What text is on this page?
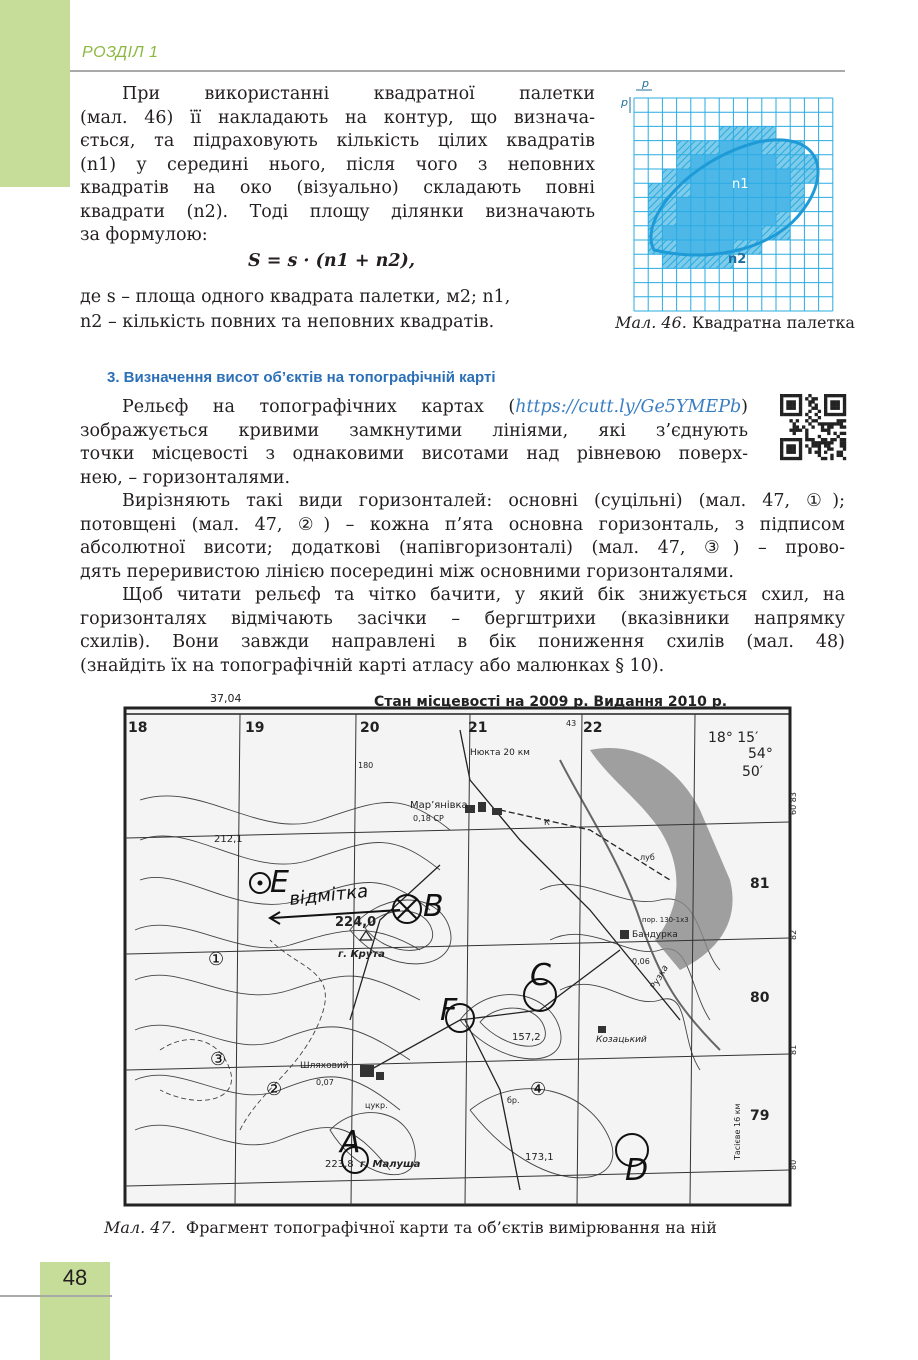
РОЗДІЛ 1
При використанні квадратної палетки
(мал. 46) її накладають на контур, що визнача-
ється, та підраховують кількість цілих квадратів
(n1) у середині нього, після чого з неповних
квадратів на око (візуально) складають повні
квадрати (n2). Тоді площу ділянки визначають
за формулою:
S = s · (n1 + n2),
де s – площа одного квадрата палетки, м2; n1,
n2 – кількість повних та неповних квадратів.
n1
n2
p
p
Мал. 46. Квадратна палетка
3. Визначення висот об’єктів на топографічній карті
Рельєф на топографічних картах (https://cutt.ly/Ge5YMEPb)
зображується кривими замкнутими лініями, які з’єднують
точки місцевості з однаковими висотами над рівневою поверх-
нею, – горизонталями.
Вирізняють такі види горизонталей: основні (суцільні) (мал. 47, ①);
потовщені (мал. 47, ②) – кожна п’ята основна горизонталь, з підписом
абсолютної висоти; додаткові (напівгоризонталі) (мал. 47, ③) – прово-
дять переривистою лінією посередині між основними горизонталями.
Щоб читати рельєф та чітко бачити, у який бік знижується схил, на
горизонталях відмічають засічки – бергштрихи (вказівники напрямку
схилів). Вони завжди направлені в бік пониження схилів (мал. 48)
(знайдіть їх на топографічній карті атласу або малюнках § 10).
37,04	Стан місцевості на 2009 р. Видання 2010 р.
18	19	20	21	22
43
18° 15′
54°
50′
81
80
79
60 83
82
81
80
Нюкта 20 км
Мар’янівка
0,18 СР
Бандурка
0,06
Козацький
Шляховий
0,07
цукр.
луб
пор. 130-1х3
бр.
К
Тасієве 16 км
Рузка
212,1
157,2
173,1
180
224,0
г. Крута
223,8 г. Малуша
E
B
C
F
A
D
відмітка
①
②
③
④
Мал. 47. Фрагмент топографічної карти та об’єктів вимірювання на ній
48
